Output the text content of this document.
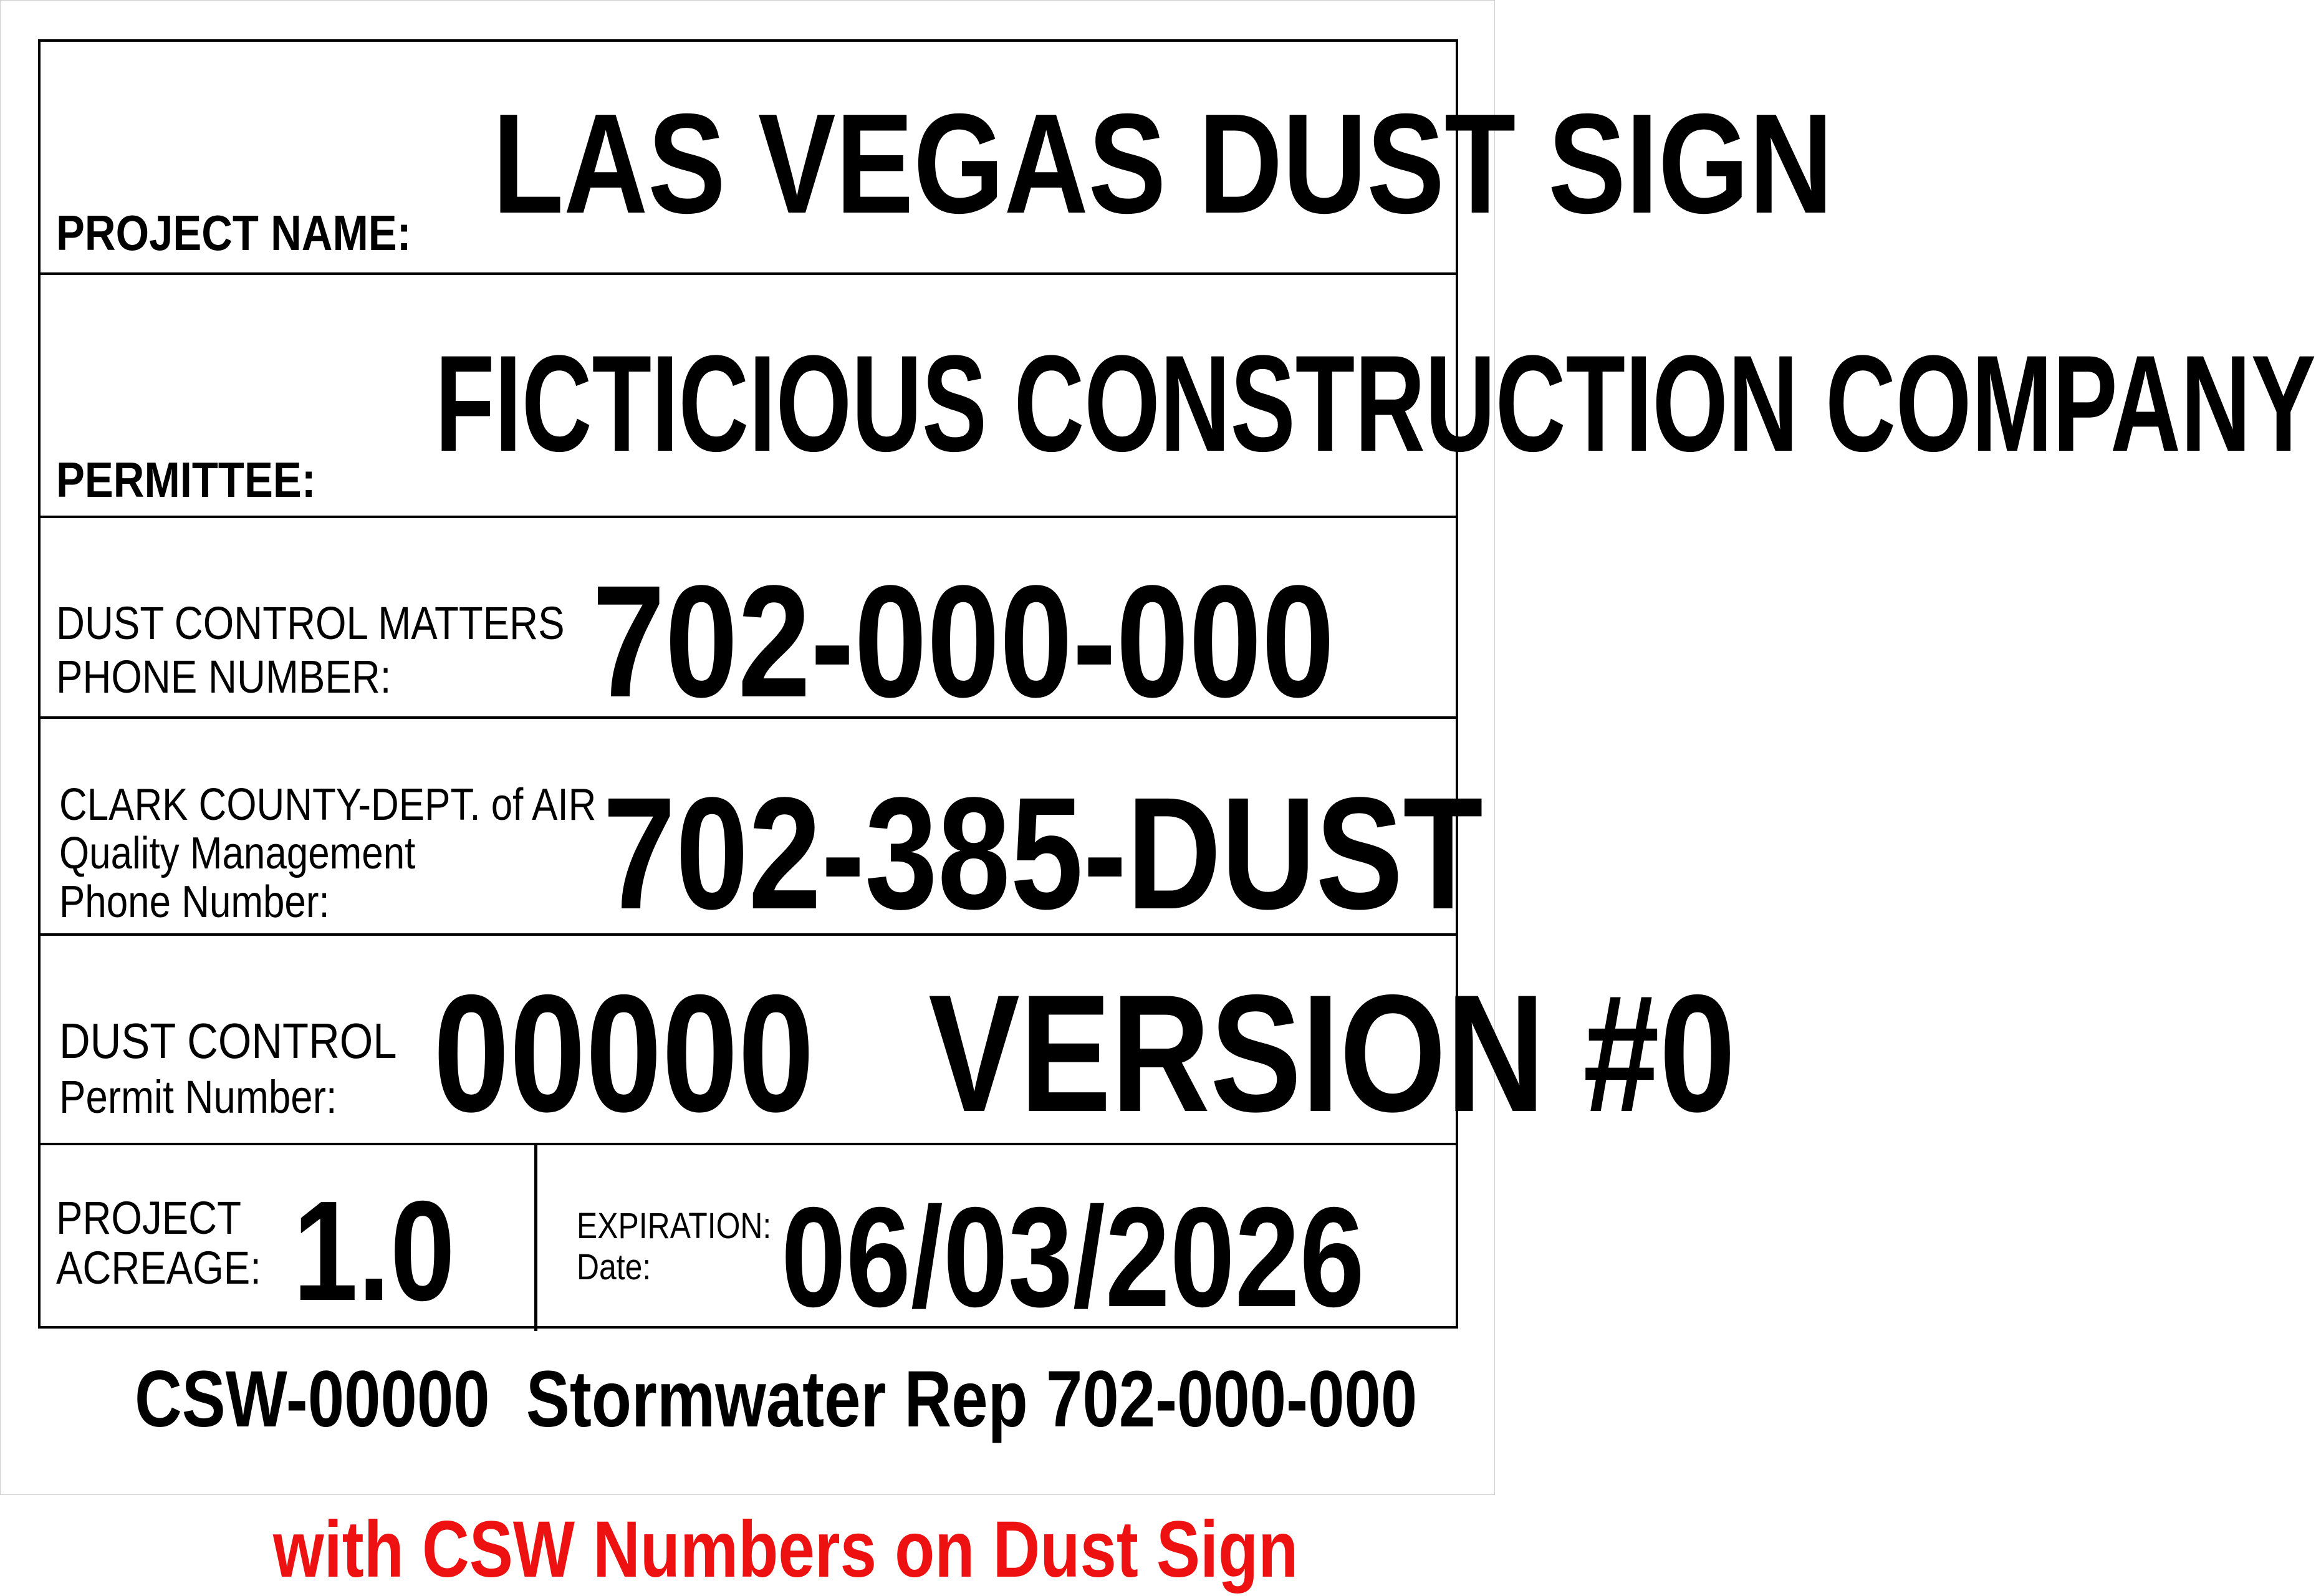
PROJECT NAME: LAS VEGAS DUST SIGN
PERMITTEE: FICTICIOUS CONSTRUCTION COMPANY
DUST CONTROL MATTERS
PHONE NUMBER: 702-000-000
CLARK COUNTY-DEPT. of AIR
Quality Management
Phone Number: 702-385-DUST
DUST CONTROL
Permit Number: 00000   VERSION #0
PROJECT
ACREAGE: 1.0	EXPIRATION:
Date: 06/03/2026
CSW-00000  Stormwater Rep 702-000-000
with CSW Numbers on Dust Sign
